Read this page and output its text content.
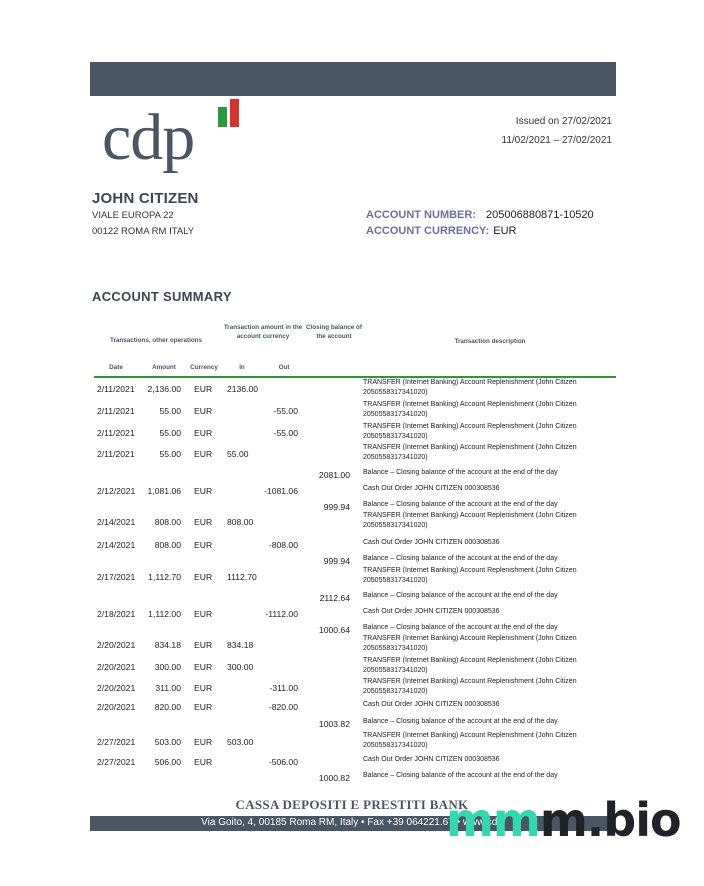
cdp	Issued on 27/02/2021
11/02/2021 – 27/02/2021
JOHN CITIZEN
VIALE EUROPA 22
00122 ROMA RM ITALY
ACCOUNT NUMBER: 205006880871-10520
ACCOUNT CURRENCY: EUR
ACCOUNT SUMMARY
Transactions, other operations
Transaction amount in the account currency
Closing balance of the account
Transaction description
Date	Amount	Currency	In	Out
2/11/2021 2,136.00 EUR 2136.00
TRANSFER (Internet Banking) Account Replenishment (John Citizen 2050558317341020)
2/11/2021	55.00 EUR	-55.00
TRANSFER (Internet Banking) Account Replenishment (John Citizen 2050558317341020)
2/11/2021	55.00 EUR	-55.00
TRANSFER (Internet Banking) Account Replenishment (John Citizen 2050558317341020)
2/11/2021	55.00 EUR 55.00
TRANSFER (Internet Banking) Account Replenishment (John Citizen 2050558317341020)
2081.00 Balance – Closing balance of the account at the end of the day
2/12/2021 1,081.06 EUR	-1081.06	Cash Out Order JOHN CITIZEN 000308536
999.94 Balance – Closing balance of the account at the end of the day
2/14/2021 808.00 EUR 808.00
TRANSFER (Internet Banking) Account Replenishment (John Citizen 2050558317341020)
2/14/2021 808.00 EUR	-808.00	Cash Out Order JOHN CITIZEN 000308536
999.94 Balance – Closing balance of the account at the end of the day
2/17/2021 1,112.70 EUR 1112.70
TRANSFER (Internet Banking) Account Replenishment (John Citizen 2050558317341020)
2112.64 Balance – Closing balance of the account at the end of the day
2/18/2021 1,112.00 EUR	-1112.00	Cash Out Order JOHN CITIZEN 000308536
1000.64 Balance – Closing balance of the account at the end of the day
2/20/2021 834.18 EUR 834.18
TRANSFER (Internet Banking) Account Replenishment (John Citizen 2050558317341020)
2/20/2021 300.00 EUR 300.00
TRANSFER (Internet Banking) Account Replenishment (John Citizen 2050558317341020)
2/20/2021 311.00 EUR	-311.00
TRANSFER (Internet Banking) Account Replenishment (John Citizen 2050558317341020)
2/20/2021 820.00 EUR	-820.00	Cash Out Order JOHN CITIZEN 000308536
1003.82 Balance – Closing balance of the account at the end of the day
2/27/2021 503.00 EUR 503.00
TRANSFER (Internet Banking) Account Replenishment (John Citizen 2050558317341020)
2/27/2021 506.00 EUR	-506.00	Cash Out Order JOHN CITIZEN 000308536
1000.82 Balance – Closing balance of the account at the end of the day
CASSA DEPOSITI E PRESTITI BANK
Via Goito, 4, 00185 Roma RM, Italy • Fax +39 064221.67 • www.cdp
mmm.bio
